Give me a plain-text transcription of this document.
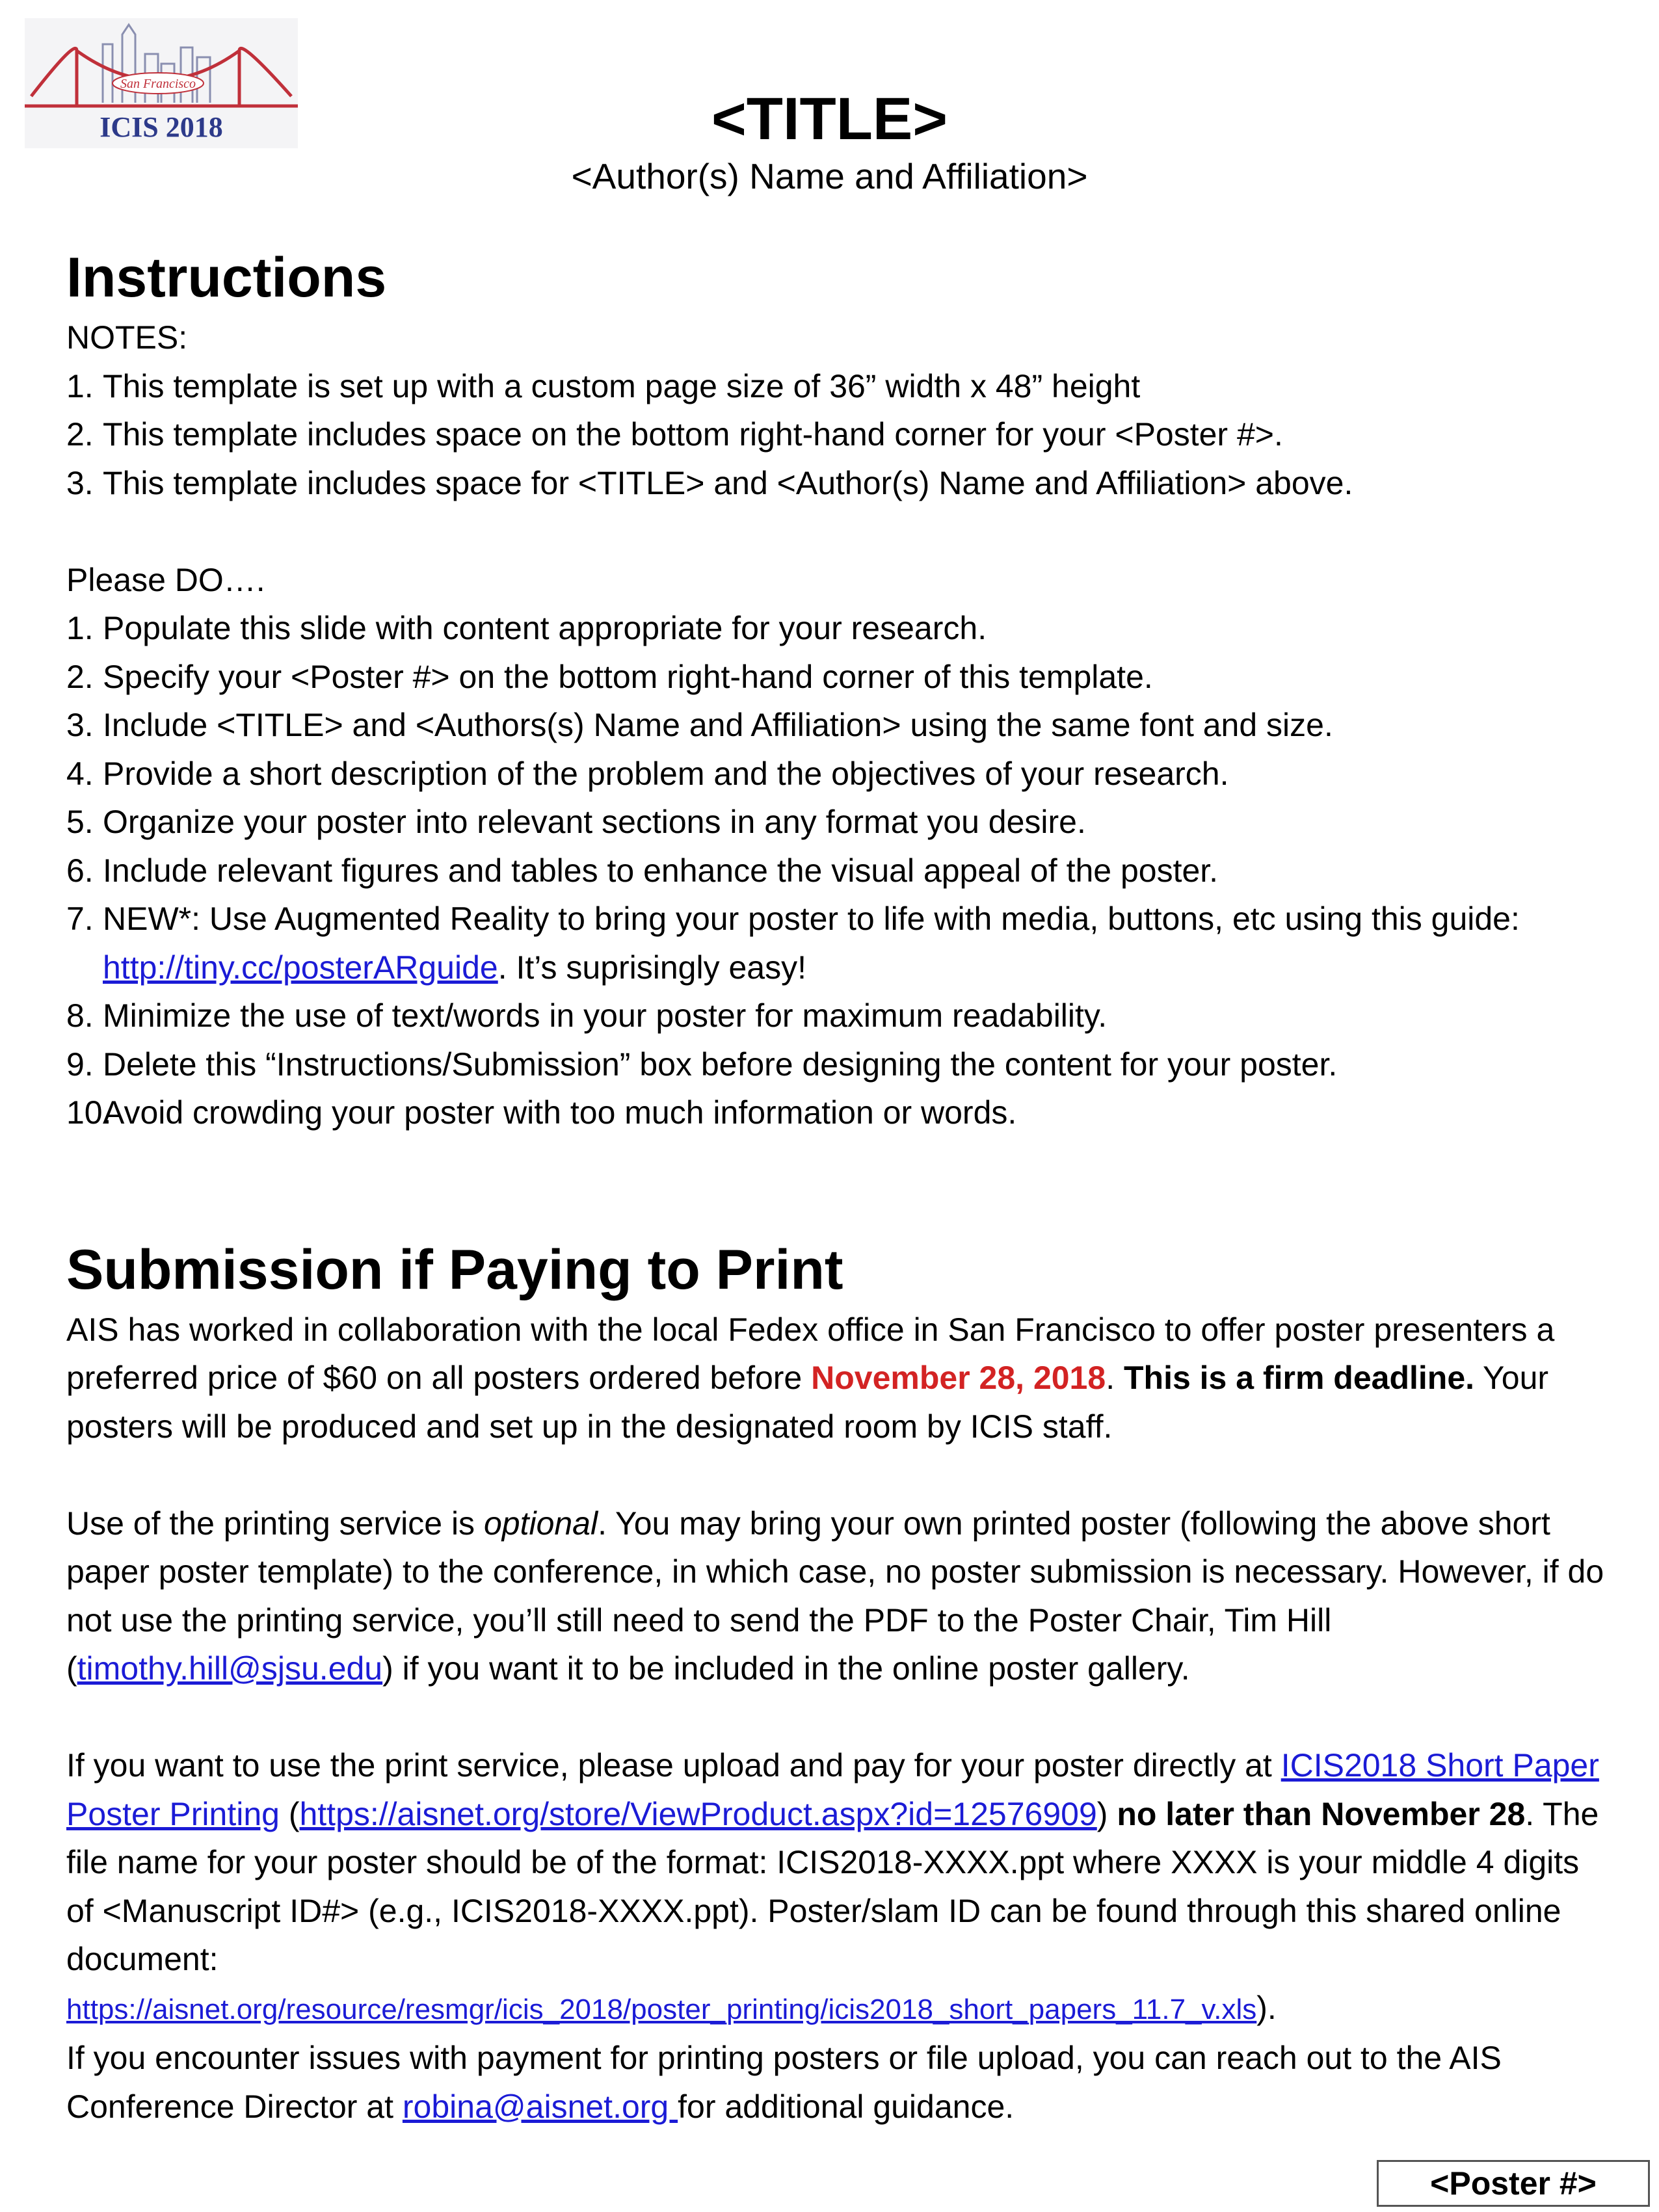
San Francisco
ICIS 2018	<TITLE>
<Author(s) Name and Affiliation>
Instructions

NOTES:

1. This template is set up with a custom page size of 36” width x 48” height
2. This template includes space on the bottom right-hand corner for your <Poster #>.
3. This template includes space for <TITLE> and <Author(s) Name and Affiliation> above.

Please DO….

1. Populate this slide with content appropriate for your research.
2. Specify your <Poster #> on the bottom right-hand corner of this template.
3. Include <TITLE> and <Authors(s) Name and Affiliation> using the same font and size.
4. Provide a short description of the problem and the objectives of your research.
5. Organize your poster into relevant sections in any format you desire.
6. Include relevant figures and tables to enhance the visual appeal of the poster.
7. NEW*: Use Augmented Reality to bring your poster to life with media, buttons, etc using this guide: http://tiny.cc/posterARguide. It’s suprisingly easy!
8. Minimize the use of text/words in your poster for maximum readability.
9. Delete this “Instructions/Submission” box before designing the content for your poster.
10.
Avoid crowding your poster with too much information or words.
Submission if Paying to Print

AIS has worked in collaboration with the local Fedex office in San Francisco to offer poster presenters a preferred price of $60 on all posters ordered before November 28, 2018. This is a firm deadline. Your posters will be produced and set up in the designated room by ICIS staff.

Use of the printing service is optional. You may bring your own printed poster (following the above short paper poster template) to the conference, in which case, no poster submission is necessary. However, if do not use the printing service, you’ll still need to send the PDF to the Poster Chair, Tim Hill (timothy.hill@sjsu.edu) if you want it to be included in the online poster gallery.

If you want to use the print service, please upload and pay for your poster directly at ICIS2018 Short Paper Poster Printing (https://aisnet.org/store/ViewProduct.aspx?id=12576909) no later than November 28. The file name for your poster should be of the format: ICIS2018-XXXX.ppt where XXXX is your middle 4 digits of <Manuscript ID#> (e.g., ICIS2018-XXXX.ppt). Poster/slam ID can be found through this shared online document:
https://aisnet.org/resource/resmgr/icis_2018/poster_printing/icis2018_short_papers_11.7_v.xls).

If you encounter issues with payment for printing posters or file upload, you can reach out to the AIS Conference Director at robina@aisnet.org for additional guidance.

<Poster #>
